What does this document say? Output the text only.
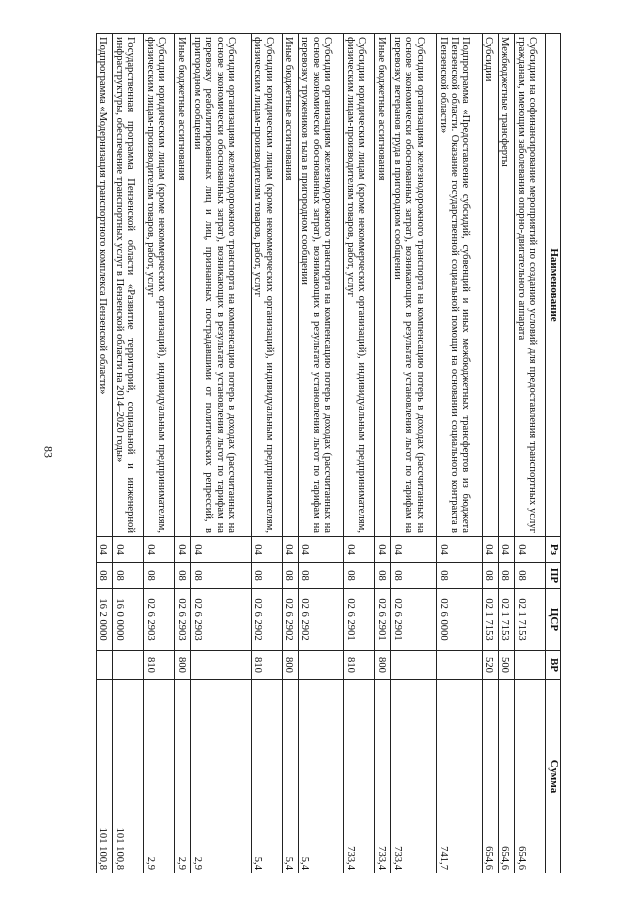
83
Наименование	Рз	ПР	ЦСР	ВР	Сумма
Субсидии на софинансирование мероприятий по созданию условий для предоставления транспортных услуг гражданам, имеющим заболевания опорно-двигательного аппарата	04	08	02 1 7153		654,6
Межбюджетные трансферты	04	08	02 1 7153	500	654,6
Субсидии	04	08	02 1 7153	520	654,6
Подпрограмма «Предоставление субсидий, субвенций и иных межбюджетных трансфертов из бюджета Пензенской области. Оказание государственной социальной помощи на основании социального контракта в Пензенской области»	04	08	02 6 0000		741,7
Субсидии организациям железнодорожного транспорта на компенсацию потерь в доходах (рассчитанных на основе экономически обоснованных затрат), возникающих в результате установления льгот по тарифам на перевозку ветеранов труда в пригородном сообщении	04	08	02 6 2901		733,4
Иные бюджетные ассигнования	04	08	02 6 2901	800	733,4
Субсидии юридическим лицам (кроме некоммерческих организаций), индивидуальным предпринимателям, физическим лицам-производителям товаров, работ, услуг	04	08	02 6 2901	810	733,4
Субсидии организациям железнодорожного транспорта на компенсацию потерь в доходах (рассчитанных на основе экономически обоснованных затрат), возникающих в результате установления льгот по тарифам на перевозку тружеников тыла в пригородном сообщении	04	08	02 6 2902		5,4
Иные бюджетные ассигнования	04	08	02 6 2902	800	5,4
Субсидии юридическим лицам (кроме некоммерческих организаций), индивидуальным предпринимателям, физическим лицам-производителям товаров, работ, услуг	04	08	02 6 2902	810	5,4
Субсидии организациям железнодорожного транспорта на компенсацию потерь в доходах (рассчитанных на основе экономически обоснованных затрат), возникающих в результате установления льгот по тарифам на перевозку реабилитированных лиц и лиц, признанных пострадавшими от политических репрессий, в пригородном сообщении	04	08	02 6 2903		2,9
Иные бюджетные ассигнования	04	08	02 6 2903	800	2,9
Субсидии юридическим лицам (кроме некоммерческих организаций), индивидуальным предпринимателям, физическим лицам-производителям товаров, работ, услуг	04	08	02 6 2903	810	2,9
Государственная программа Пензенской области «Развитие территорий, социальной и инженерной инфраструктуры, обеспечение транспортных услуг в Пензенской области на 2014–2020 годы»	04	08	16 0 0000		101 100,8
Подпрограмма «Модернизация транспортного комплекса Пензенской области»	04	08	16 2 0000		101 100,8
